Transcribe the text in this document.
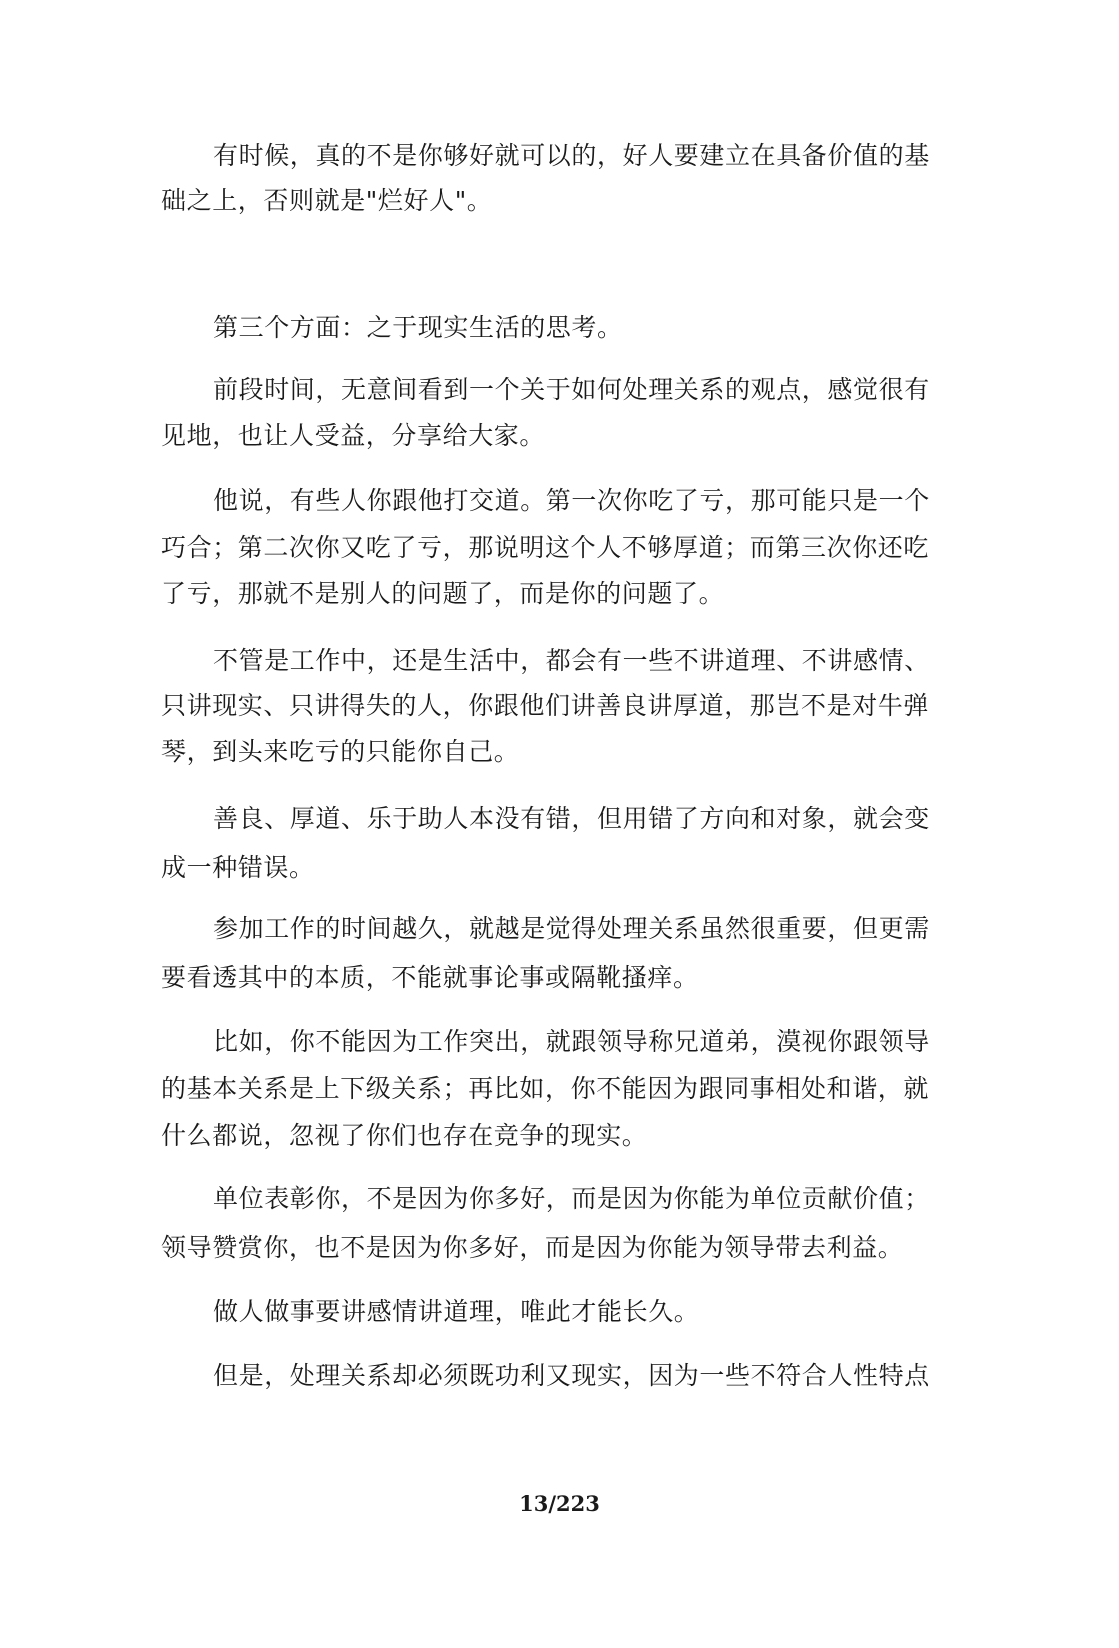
有时候，真的不是你够好就可以的，好人要建立在具备价值的基
础之上，否则就是"烂好人"。
第三个方面：之于现实生活的思考。
前段时间，无意间看到一个关于如何处理关系的观点，感觉很有
见地，也让人受益，分享给大家。
他说，有些人你跟他打交道。第一次你吃了亏，那可能只是一个
巧合；第二次你又吃了亏，那说明这个人不够厚道；而第三次你还吃
了亏，那就不是别人的问题了，而是你的问题了。
不管是工作中，还是生活中，都会有一些不讲道理、不讲感情、
只讲现实、只讲得失的人，你跟他们讲善良讲厚道，那岂不是对牛弹
琴，到头来吃亏的只能你自己。
善良、厚道、乐于助人本没有错，但用错了方向和对象，就会变
成一种错误。
参加工作的时间越久，就越是觉得处理关系虽然很重要，但更需
要看透其中的本质，不能就事论事或隔靴搔痒。
比如，你不能因为工作突出，就跟领导称兄道弟，漠视你跟领导
的基本关系是上下级关系；再比如，你不能因为跟同事相处和谐，就
什么都说，忽视了你们也存在竞争的现实。
单位表彰你，不是因为你多好，而是因为你能为单位贡献价值；
领导赞赏你，也不是因为你多好，而是因为你能为领导带去利益。
做人做事要讲感情讲道理，唯此才能长久。
但是，处理关系却必须既功利又现实，因为一些不符合人性特点
13/223
